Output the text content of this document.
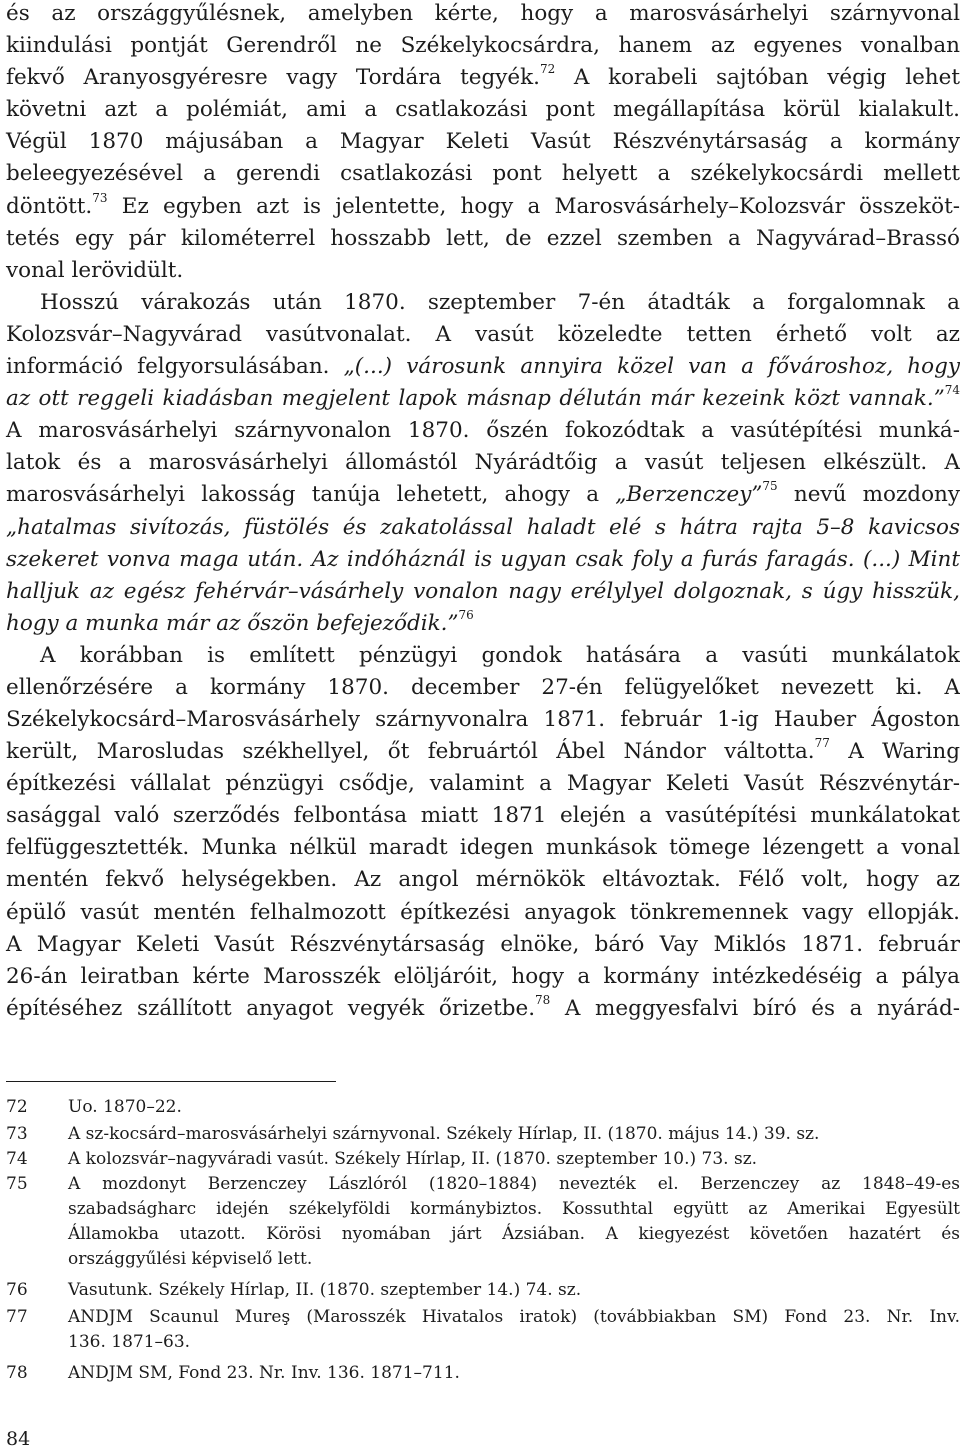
és az országgyűlésnek, amelyben kérte, hogy a marosvásárhelyi szárnyvonal
kiindulási pontját Gerendről ne Székelykocsárdra, hanem az egyenes vonalban
fekvő Aranyosgyéresre vagy Tordára tegyék.$^{72}$ A korabeli sajtóban végig lehet
követni azt a polémiát, ami a csatlakozási pont megállapítása körül kialakult.
Végül 1870 májusában a Magyar Keleti Vasút Részvénytársaság a kormány
beleegyezésével a gerendi csatlakozási pont helyett a székelykocsárdi mellett
döntött.$^{73}$ Ez egyben azt is jelentette, hogy a Marosvásárhely–Kolozsvár összeköt-
tetés egy pár kilométerrel hosszabb lett, de ezzel szemben a Nagyvárad–Brassó
vonal lerövidült.
Hosszú várakozás után 1870. szeptember 7-én átadták a forgalomnak a
Kolozsvár–Nagyvárad vasútvonalat. A vasút közeledte tetten érhető volt az
információ felgyorsulásában. „(...) városunk annyira közel van a fővároshoz, hogy
az ott reggeli kiadásban megjelent lapok másnap délután már kezeink közt vannak.”$^{74}$
A marosvásárhelyi szárnyvonalon 1870. őszén fokozódtak a vasútépítési munká-
latok és a marosvásárhelyi állomástól Nyárádtőig a vasút teljesen elkészült. A
marosvásárhelyi lakosság tanúja lehetett, ahogy a „Berzenczey”$^{75}$ nevű mozdony
„hatalmas sivítozás, füstölés és zakatolással haladt elé s hátra rajta 5–8 kavicsos
szekeret vonva maga után. Az indóháznál is ugyan csak foly a furás faragás. (...) Mint
halljuk az egész fehérvár–vásárhely vonalon nagy erélylyel dolgoznak, s úgy hisszük,
hogy a munka már az őszön befejeződik.”$^{76}$
A korábban is említett pénzügyi gondok hatására a vasúti munkálatok
ellenőrzésére a kormány 1870. december 27-én felügyelőket nevezett ki. A
Székelykocsárd–Marosvásárhely szárnyvonalra 1871. február 1-ig Hauber Ágoston
került, Marosludas székhellyel, őt februártól Ábel Nándor váltotta.$^{77}$ A Waring
építkezési vállalat pénzügyi csődje, valamint a Magyar Keleti Vasút Részvénytár-
sasággal való szerződés felbontása miatt 1871 elején a vasútépítési munkálatokat
felfüggesztették. Munka nélkül maradt idegen munkások tömege lézengett a vonal
mentén fekvő helységekben. Az angol mérnökök eltávoztak. Félő volt, hogy az
épülő vasút mentén felhalmozott építkezési anyagok tönkremennek vagy ellopják.
A Magyar Keleti Vasút Részvénytársaság elnöke, báró Vay Miklós 1871. február
26-án leiratban kérte Marosszék elöljáróit, hogy a kormány intézkedéséig a pálya
építéséhez szállított anyagot vegyék őrizetbe.$^{78}$ A meggyesfalvi bíró és a nyárád-
72 Uo. 1870–22.
73 A sz-kocsárd–marosvásárhelyi szárnyvonal. Székely Hírlap, II. (1870. május 14.) 39. sz.
74 A kolozsvár–nagyváradi vasút. Székely Hírlap, II. (1870. szeptember 10.) 73. sz.
75 A mozdonyt Berzenczey Lászlóról (1820–1884) nevezték el. Berzenczey az 1848–49-es
szabadságharc idején székelyföldi kormánybiztos. Kossuthtal együtt az Amerikai Egyesült
Államokba utazott. Körösi nyomában járt Ázsiában. A kiegyezést követően hazatért és
országgyűlési képviselő lett.
76 Vasutunk. Székely Hírlap, II. (1870. szeptember 14.) 74. sz.
77 ANDJM Scaunul Mureş (Marosszék Hivatalos iratok) (továbbiakban SM) Fond 23. Nr. Inv.
136. 1871–63.
78 ANDJM SM, Fond 23. Nr. Inv. 136. 1871–711.
84
